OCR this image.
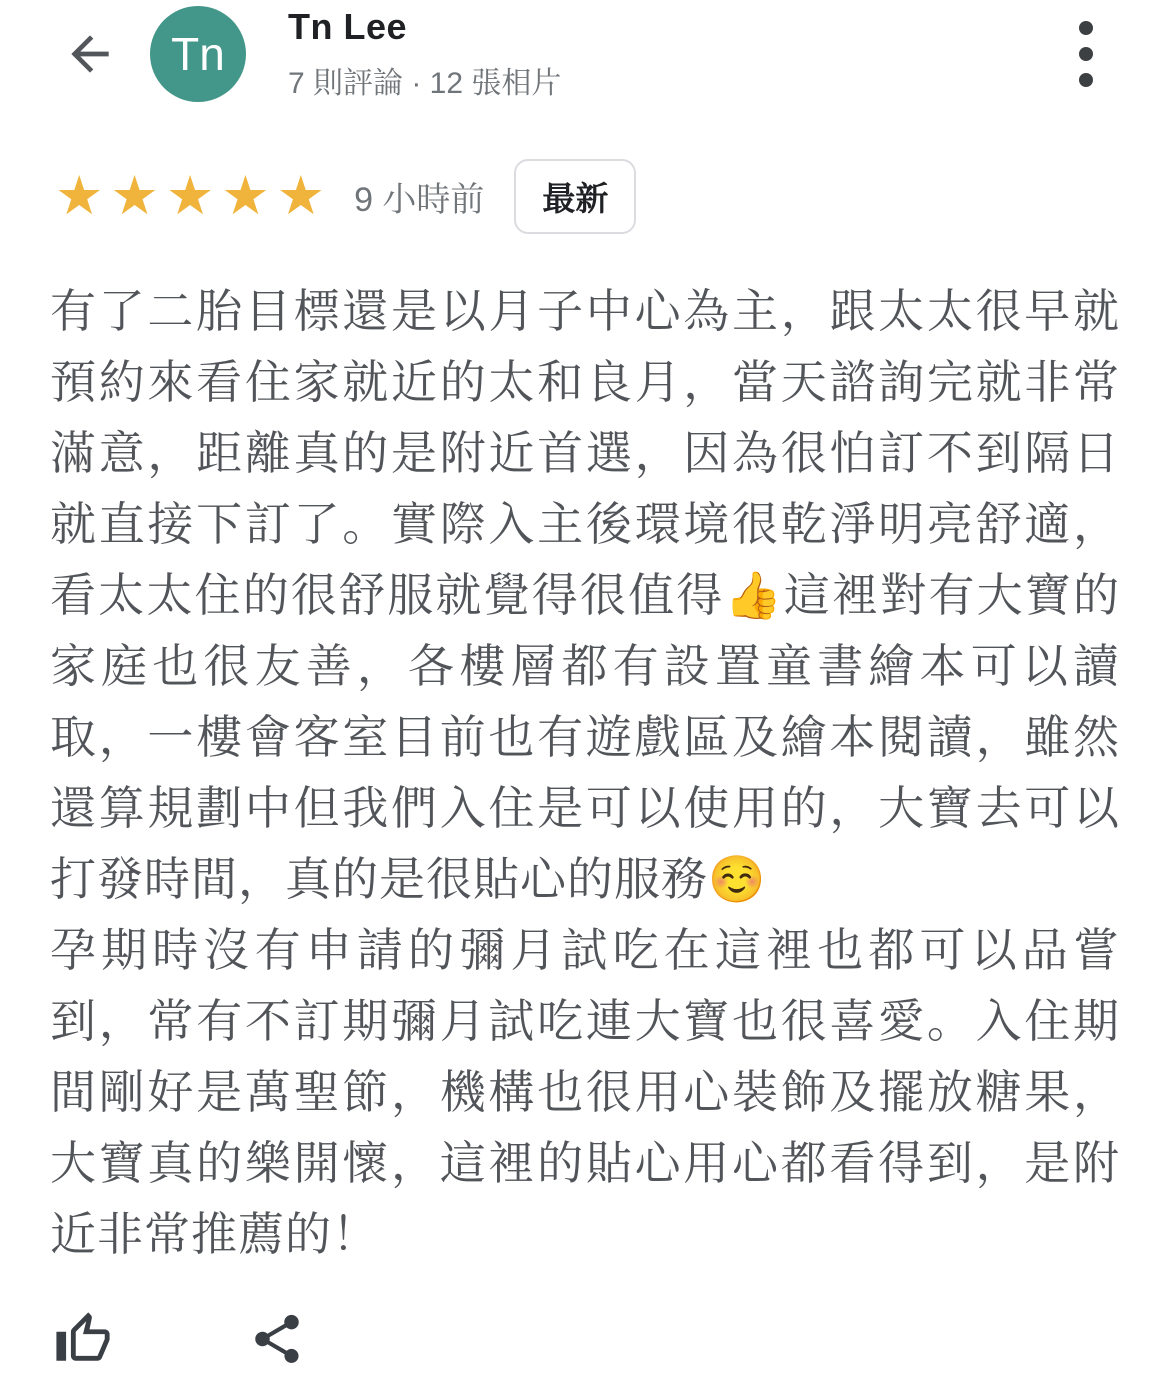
Tn
Tn Lee
7 則評論 · 12 張相片
★★★★★ 9 小時前	最新

有了二胎目標還是以月子中心為主，跟太太很早就預約來看住家就近的太和良月，當天諮詢完就非常滿意，距離真的是附近首選，因為很怕訂不到隔日就直接下訂了。實際入主後環境很乾淨明亮舒適，看太太住的很舒服就覺得很值得👍這裡對有大寶的家庭也很友善，各樓層都有設置童書繪本可以讀取，一樓會客室目前也有遊戲區及繪本閱讀，雖然還算規劃中但我們入住是可以使用的，大寶去可以打發時間，真的是很貼心的服務☺️

孕期時沒有申請的彌月試吃在這裡也都可以品嘗到，常有不訂期彌月試吃連大寶也很喜愛。入住期間剛好是萬聖節，機構也很用心裝飾及擺放糖果，大寶真的樂開懷，這裡的貼心用心都看得到，是附近非常推薦的！
